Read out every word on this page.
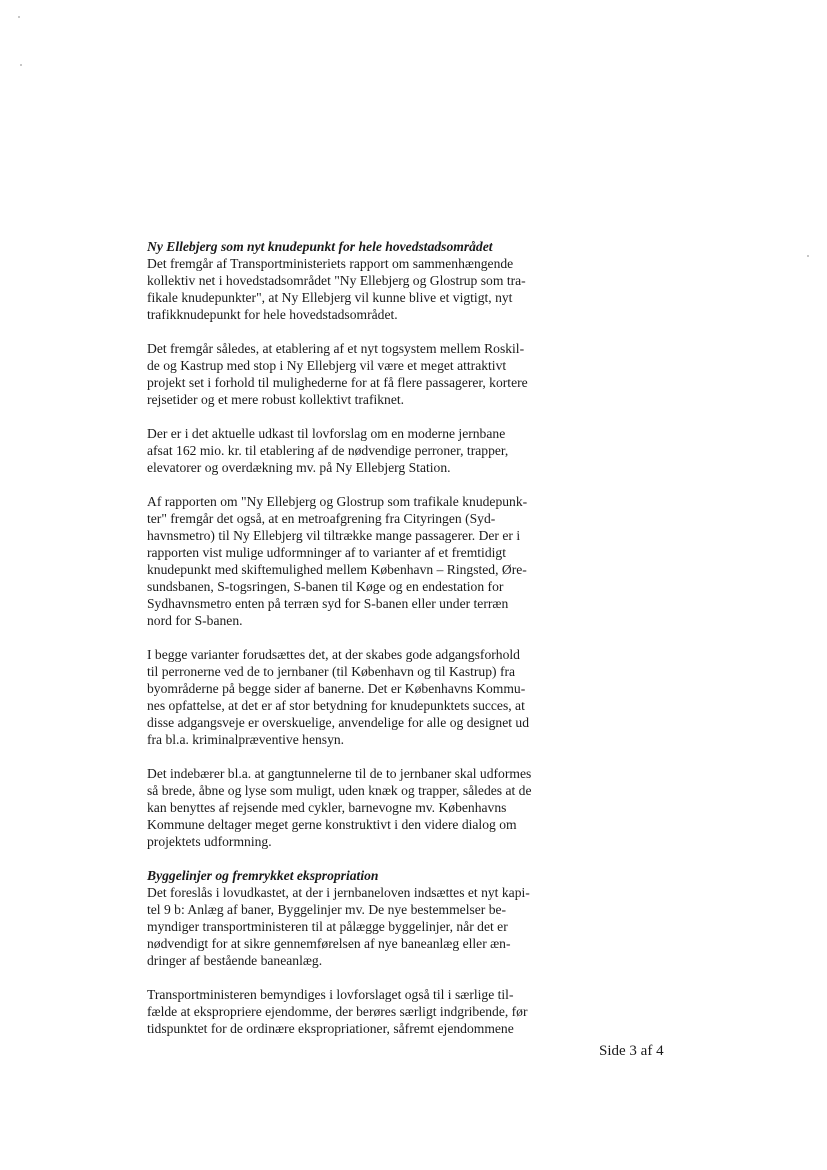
Ny Ellebjerg som nyt knudepunkt for hele hovedstadsområdet
Det fremgår af Transportministeriets rapport om sammenhængende
kollektiv net i hovedstadsområdet "Ny Ellebjerg og Glostrup som tra-
fikale knudepunkter", at Ny Ellebjerg vil kunne blive et vigtigt, nyt
trafikknudepunkt for hele hovedstadsområdet.
Det fremgår således, at etablering af et nyt togsystem mellem Roskil-
de og Kastrup med stop i Ny Ellebjerg vil være et meget attraktivt
projekt set i forhold til mulighederne for at få flere passagerer, kortere
rejsetider og et mere robust kollektivt trafiknet.
Der er i det aktuelle udkast til lovforslag om en moderne jernbane
afsat 162 mio. kr. til etablering af de nødvendige perroner, trapper,
elevatorer og overdækning mv. på Ny Ellebjerg Station.
Af rapporten om "Ny Ellebjerg og Glostrup som trafikale knudepunk-
ter" fremgår det også, at en metroafgrening fra Cityringen (Syd-
havnsmetro) til Ny Ellebjerg vil tiltrække mange passagerer. Der er i
rapporten vist mulige udformninger af to varianter af et fremtidigt
knudepunkt med skiftemulighed mellem København – Ringsted, Øre-
sundsbanen, S-togsringen, S-banen til Køge og en endestation for
Sydhavnsmetro enten på terræn syd for S-banen eller under terræn
nord for S-banen.
I begge varianter forudsættes det, at der skabes gode adgangsforhold
til perronerne ved de to jernbaner (til København og til Kastrup) fra
byområderne på begge sider af banerne. Det er Københavns Kommu-
nes opfattelse, at det er af stor betydning for knudepunktets succes, at
disse adgangsveje er overskuelige, anvendelige for alle og designet ud
fra bl.a. kriminalpræventive hensyn.
Det indebærer bl.a. at gangtunnelerne til de to jernbaner skal udformes
så brede, åbne og lyse som muligt, uden knæk og trapper, således at de
kan benyttes af rejsende med cykler, barnevogne mv. Københavns
Kommune deltager meget gerne konstruktivt i den videre dialog om
projektets udformning.
Byggelinjer og fremrykket ekspropriation
Det foreslås i lovudkastet, at der i jernbaneloven indsættes et nyt kapi-
tel 9 b: Anlæg af baner, Byggelinjer mv. De nye bestemmelser be-
myndiger transportministeren til at pålægge byggelinjer, når det er
nødvendigt for at sikre gennemførelsen af nye baneanlæg eller æn-
dringer af bestående baneanlæg.
Transportministeren bemyndiges i lovforslaget også til i særlige til-
fælde at ekspropriere ejendomme, der berøres særligt indgribende, før
tidspunktet for de ordinære ekspropriationer, såfremt ejendommene
Side 3 af 4
